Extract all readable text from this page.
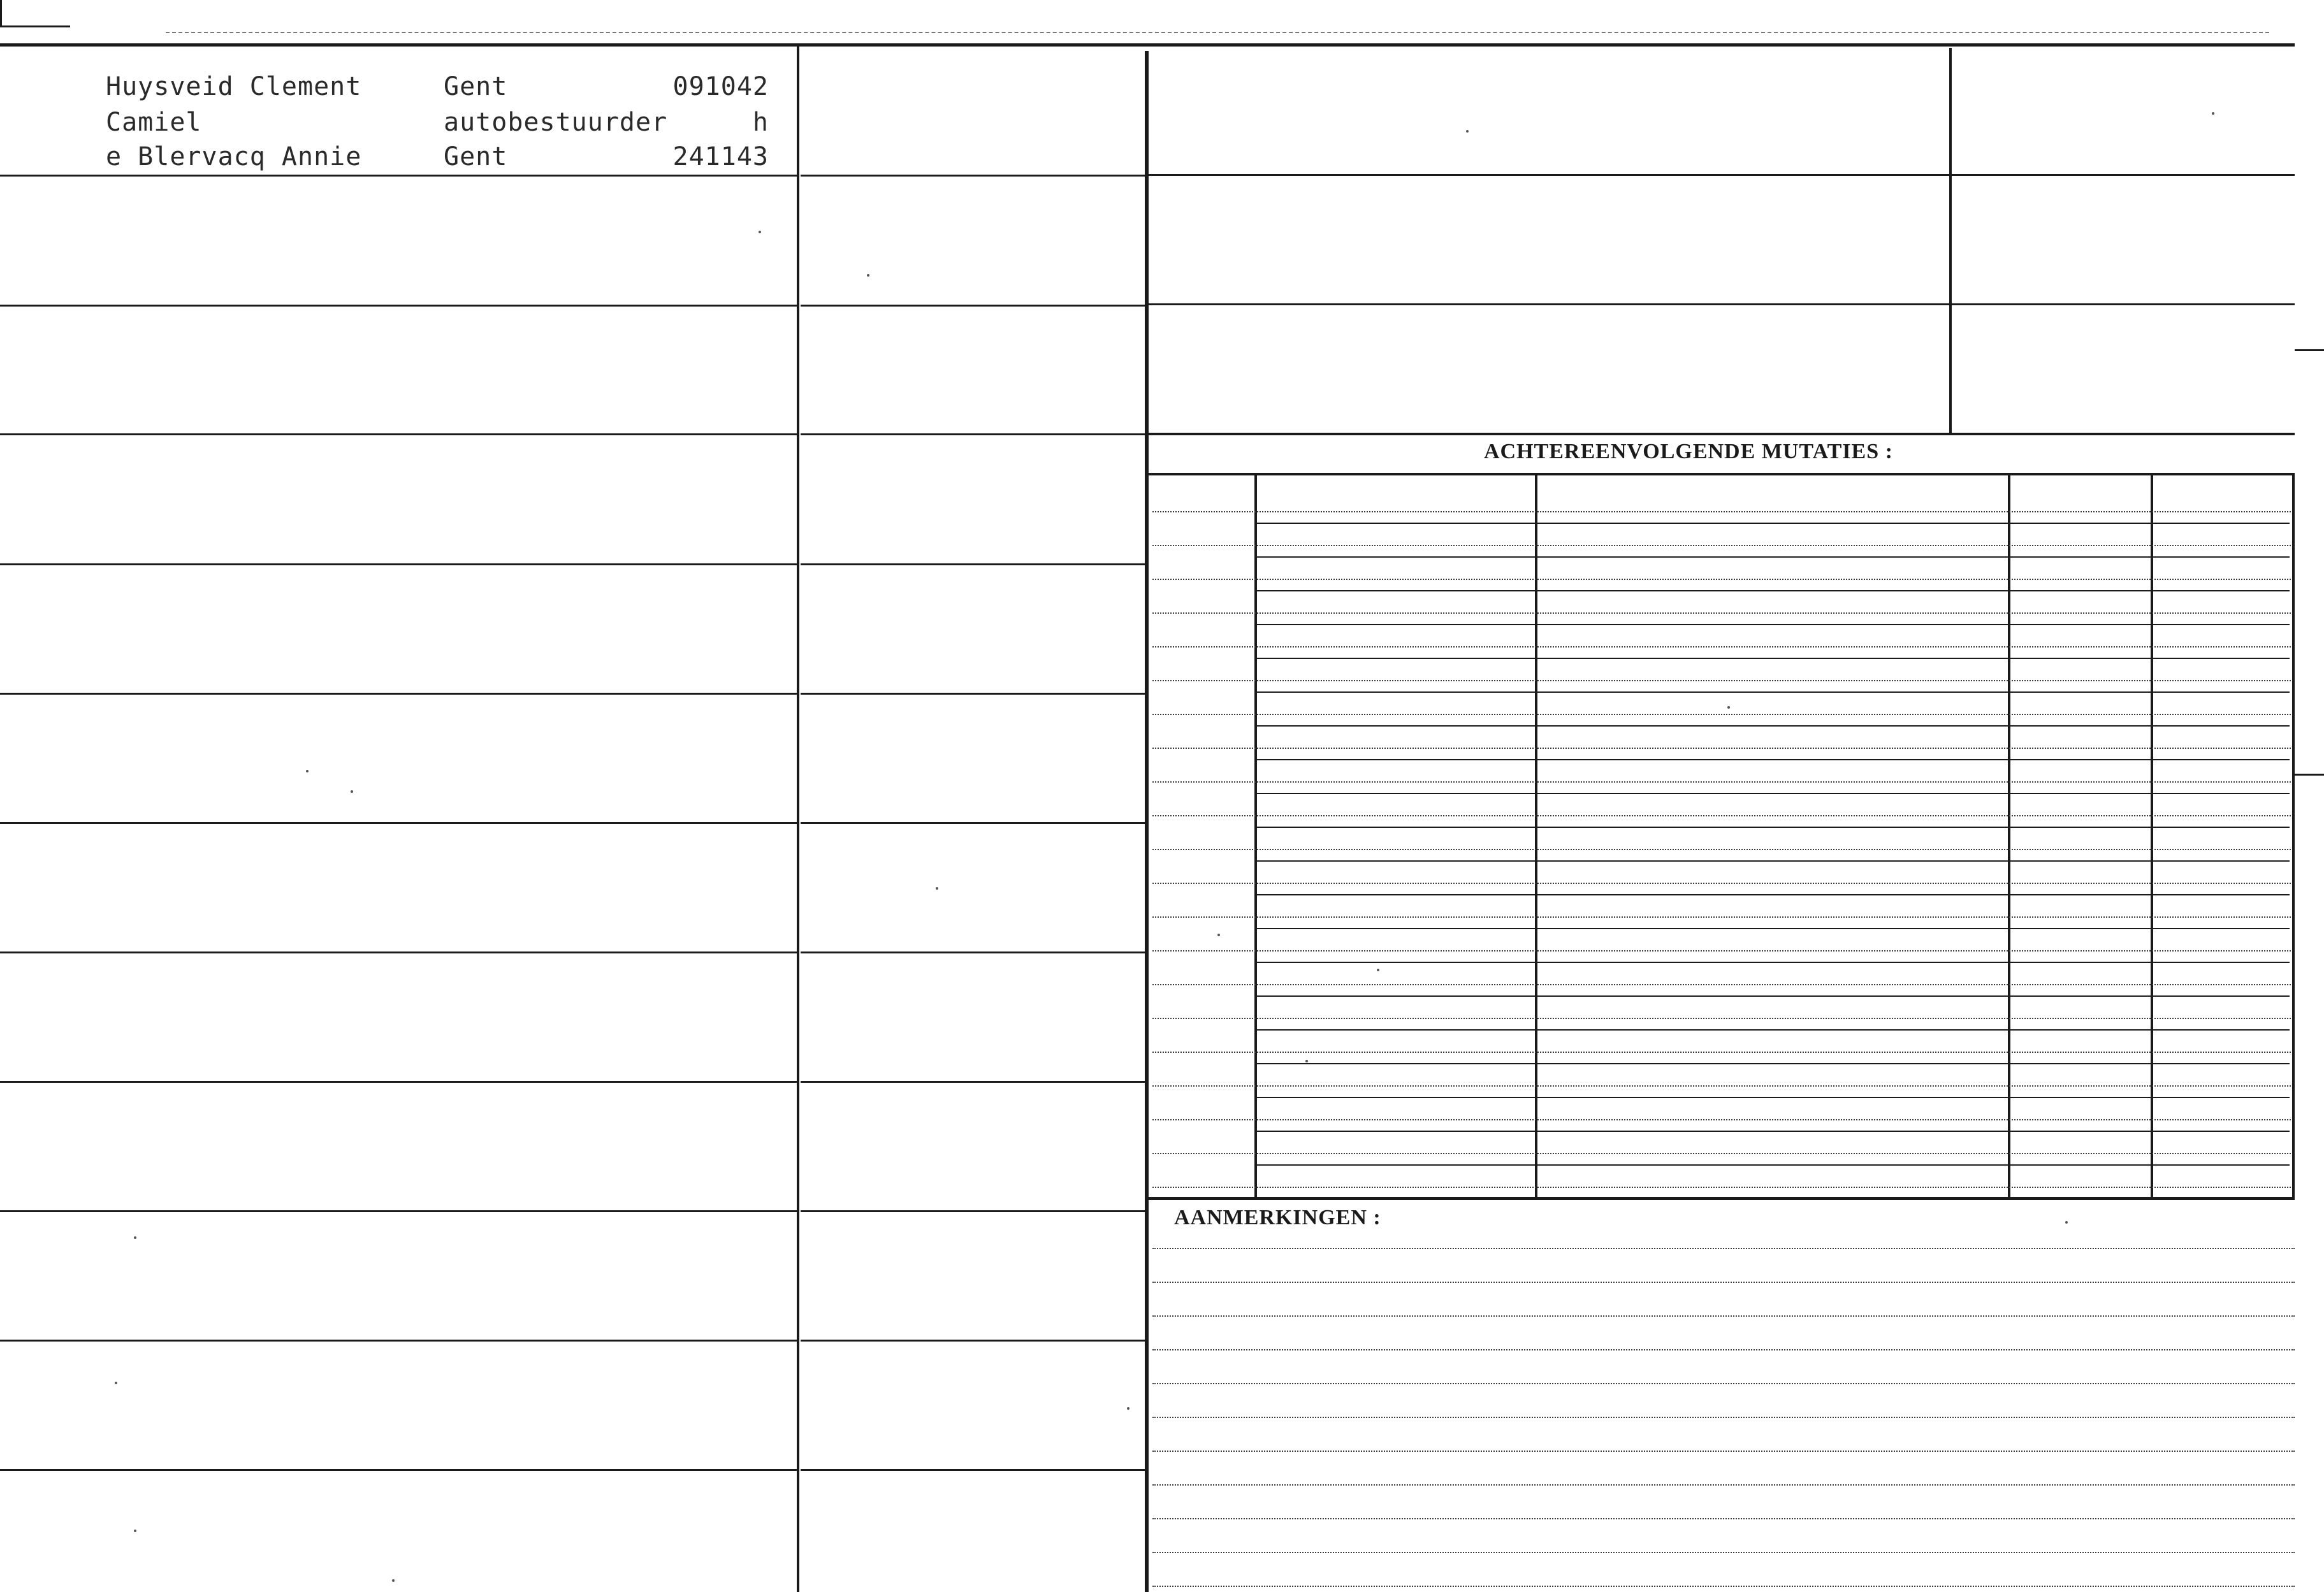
Huysveid Clement	Gent	091042
Camiel	autobestuurder	h
e Blervacq Annie	Gent	241143
ACHTEREENVOLGENDE MUTATIES :
AANMERKINGEN :
